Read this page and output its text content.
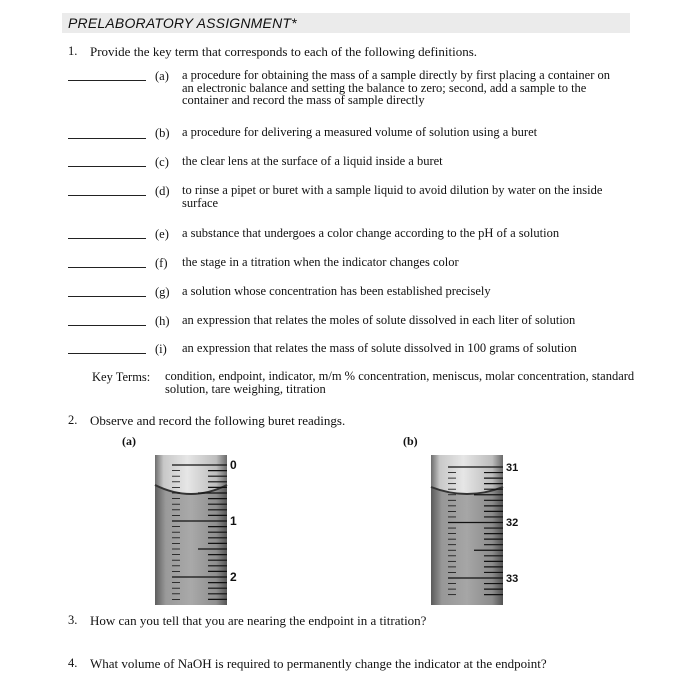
PRELABORATORY ASSIGNMENT*
1. Provide the key term that corresponds to each of the following definitions.
(a) a procedure for obtaining the mass of a sample directly by first placing a container on an electronic balance and setting the balance to zero; second, add a sample to the container and record the mass of sample directly
(b) a procedure for delivering a measured volume of solution using a buret
(c) the clear lens at the surface of a liquid inside a buret
(d) to rinse a pipet or buret with a sample liquid to avoid dilution by water on the inside surface
(e) a substance that undergoes a color change according to the pH of a solution
(f) the stage in a titration when the indicator changes color
(g) a solution whose concentration has been established precisely
(h) an expression that relates the moles of solute dissolved in each liter of solution
(i) an expression that relates the mass of solute dissolved in 100 grams of solution
Key Terms: condition, endpoint, indicator, m/m % concentration, meniscus, molar concentration, standard solution, tare weighing, titration
2. Observe and record the following buret readings.
(a)	(b)
0
1
2
31
32
33
3. How can you tell that you are nearing the endpoint in a titration?
4. What volume of NaOH is required to permanently change the indicator at the endpoint?
